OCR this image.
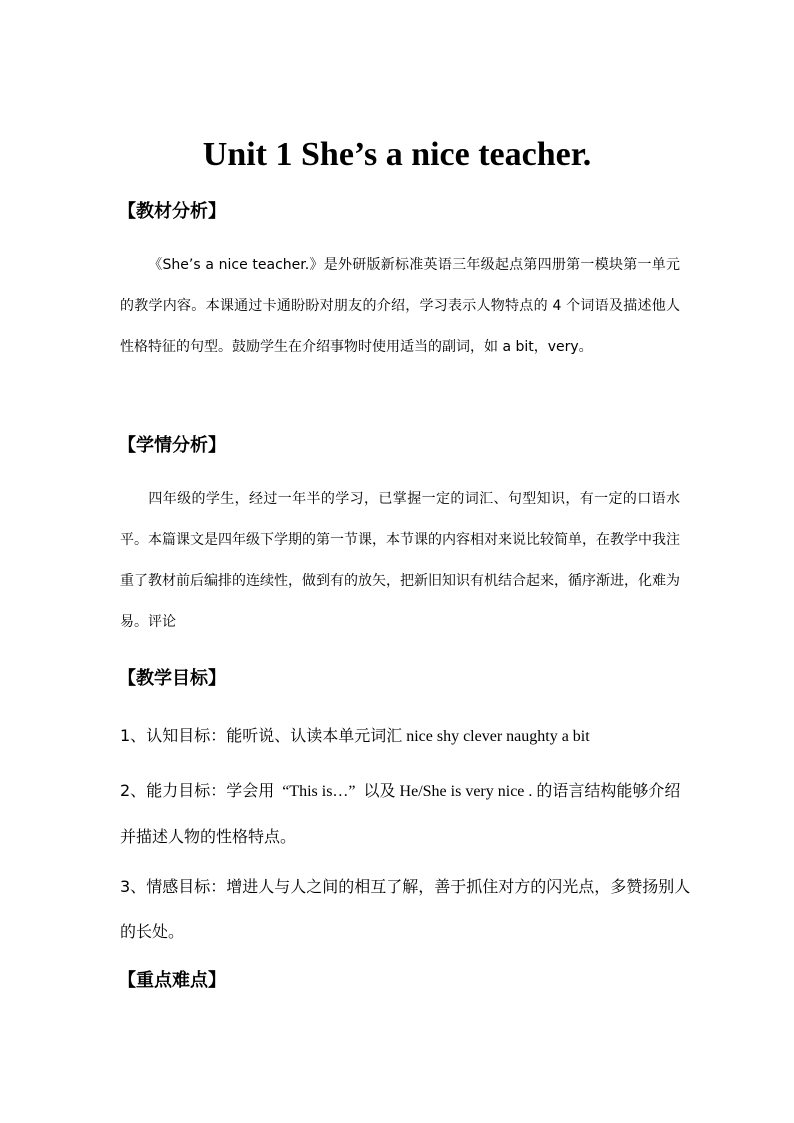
Unit 1 She’s a nice teacher.
【教材分析】
《She’s a nice teacher.》是外研版新标准英语三年级起点第四册第一模块第一单元的教学内容。本课通过卡通盼盼对朋友的介绍，学习表示人物特点的 4 个词语及描述他人性格特征的句型。鼓励学生在介绍事物时使用适当的副词，如 a bit，very。
【学情分析】
四年级的学生，经过一年半的学习，已掌握一定的词汇、句型知识，有一定的口语水平。本篇课文是四年级下学期的第一节课，本节课的内容相对来说比较简单，在教学中我注重了教材前后编排的连续性，做到有的放矢，把新旧知识有机结合起来，循序渐进，化难为易。评论
【教学目标】
1、认知目标：能听说、认读本单元词汇 nice shy clever naughty a bit
2、能力目标：学会用  “This is…”  以及 He/She is very nice . 的语言结构能够介绍并描述人物的性格特点。
3、情感目标：增进人与人之间的相互了解，善于抓住对方的闪光点，多赞扬别人的长处。
【重点难点】
